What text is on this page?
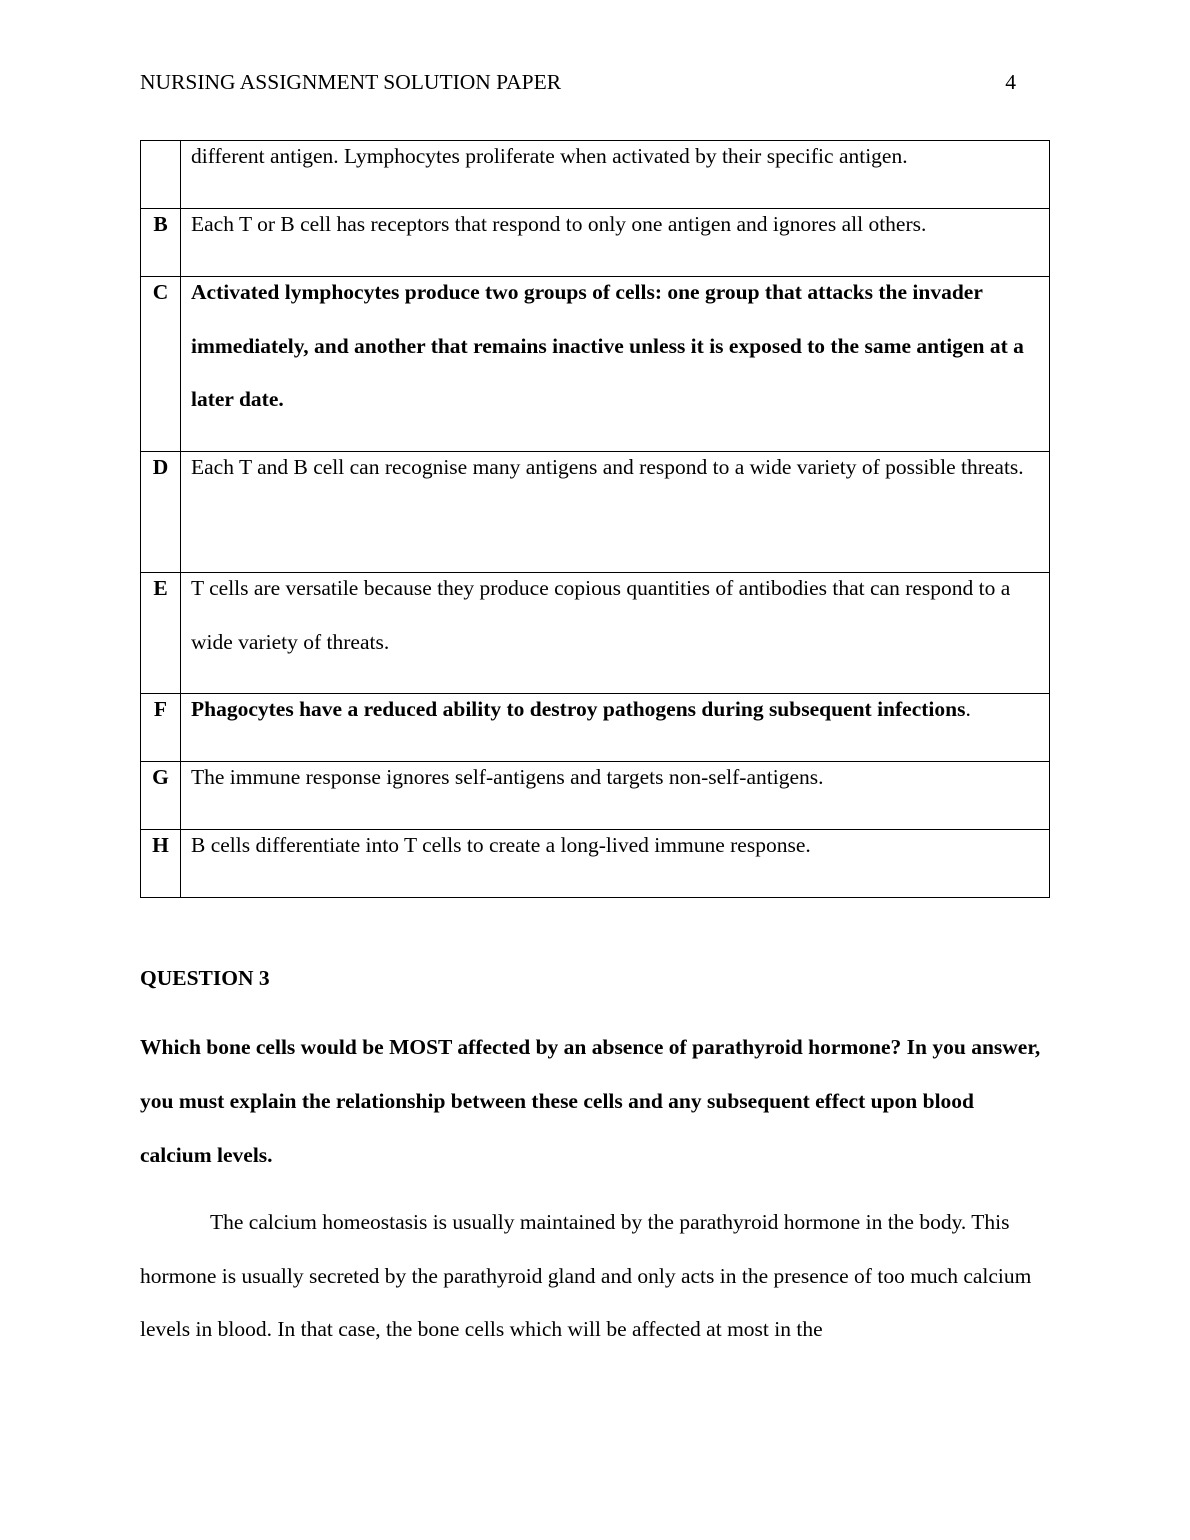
NURSING ASSIGNMENT SOLUTION PAPER	4

	different antigen. Lymphocytes proliferate when activated by their specific antigen.

B	Each T or B cell has receptors that respond to only one antigen and ignores all others.

C	Activated lymphocytes produce two groups of cells: one group that attacks the invader immediately, and another that remains inactive unless it is exposed to the same antigen at a later date.

D	Each T and B cell can recognise many antigens and respond to a wide variety of possible threats.

E	T cells are versatile because they produce copious quantities of antibodies that can respond to a wide variety of threats.

F	Phagocytes have a reduced ability to destroy pathogens during subsequent infections.

G	The immune response ignores self-antigens and targets non-self-antigens.

H	B cells differentiate into T cells to create a long-lived immune response.
QUESTION 3

Which bone cells would be MOST affected by an absence of parathyroid hormone? In you answer, you must explain the relationship between these cells and any subsequent effect upon blood calcium levels.

The calcium homeostasis is usually maintained by the parathyroid hormone in the body. This hormone is usually secreted by the parathyroid gland and only acts in the presence of too much calcium levels in blood. In that case, the bone cells which will be affected at most in the
